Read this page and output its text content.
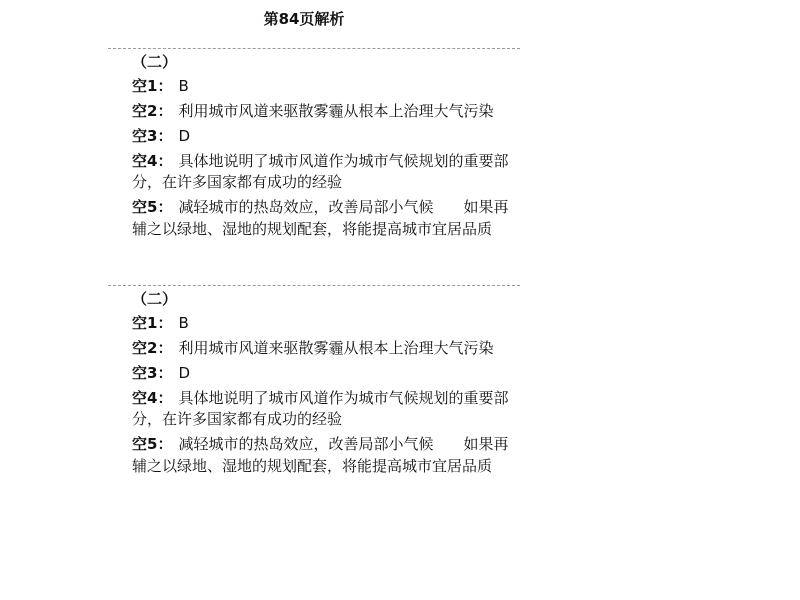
第84页解析
（二）
空1： B
空2： 利用城市风道来驱散雾霾从根本上治理大气污染
空3： D
空4： 具体地说明了城市风道作为城市气候规划的重要部分，在许多国家都有成功的经验
空5： 减轻城市的热岛效应，改善局部小气候　　如果再辅之以绿地、湿地的规划配套，将能提高城市宜居品质
（二）
空1： B
空2： 利用城市风道来驱散雾霾从根本上治理大气污染
空3： D
空4： 具体地说明了城市风道作为城市气候规划的重要部分，在许多国家都有成功的经验
空5： 减轻城市的热岛效应，改善局部小气候　　如果再辅之以绿地、湿地的规划配套，将能提高城市宜居品质
